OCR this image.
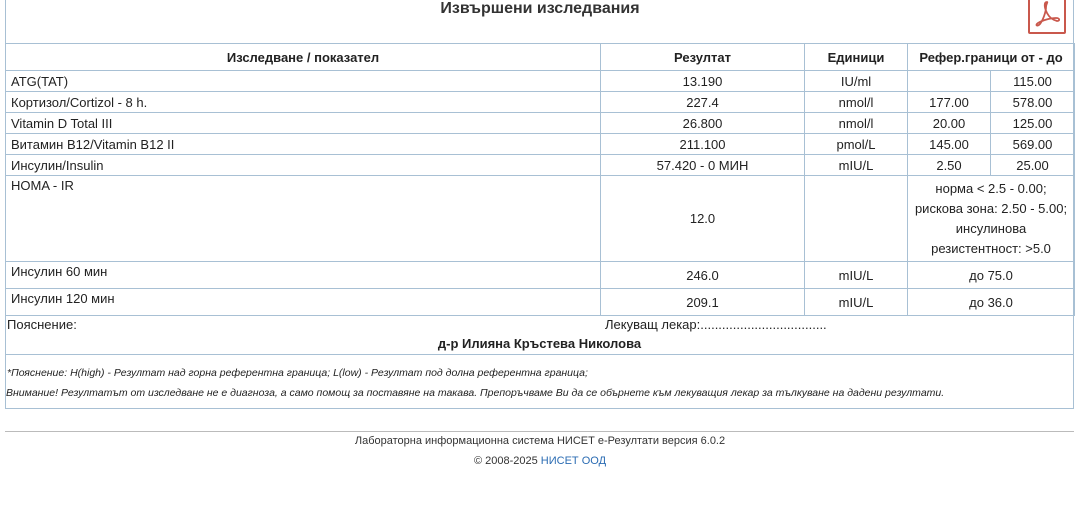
Извършени изследвания
Изследване / показател	Резултат	Единици	Рефер.граници от - до	
ATG(TAT)	13.190	IU/ml		115.00
Кортизол/Cortizol - 8 h.	227.4	nmol/l	177.00	578.00
Vitamin D Total III	26.800	nmol/l	20.00	125.00
Витамин B12/Vitamin B12 II	211.100	pmol/L	145.00	569.00
Инсулин/Insulin	57.420 - 0 МИН	mIU/L	2.50	25.00
HOMA - IR	12.0		норма < 2.5 - 0.00;
рискова зона: 2.50 - 5.00;
инсулинова
резистентност: >5.0	

Инсулин 60 мин	246.0	mIU/L	до 75.0	
Инсулин 120 мин	209.1	mIU/L	до 36.0	
Пояснение:	Лекуващ лекар:...................................
д-р Илияна Кръстева Николова
*Пояснение: H(high) - Резултат над горна референтна граница; L(low) - Резултат под долна референтна граница;
Внимание! Резултатът от изследване не е диагноза, а само помощ за поставяне на такава. Препоръчваме Ви да се обърнете към лекуващия лекар за тълкуване на дадени резултати.
Лабораторна информационна система НИСЕТ e-Резултати версия 6.0.2
© 2008-2025 НИСЕТ ООД
